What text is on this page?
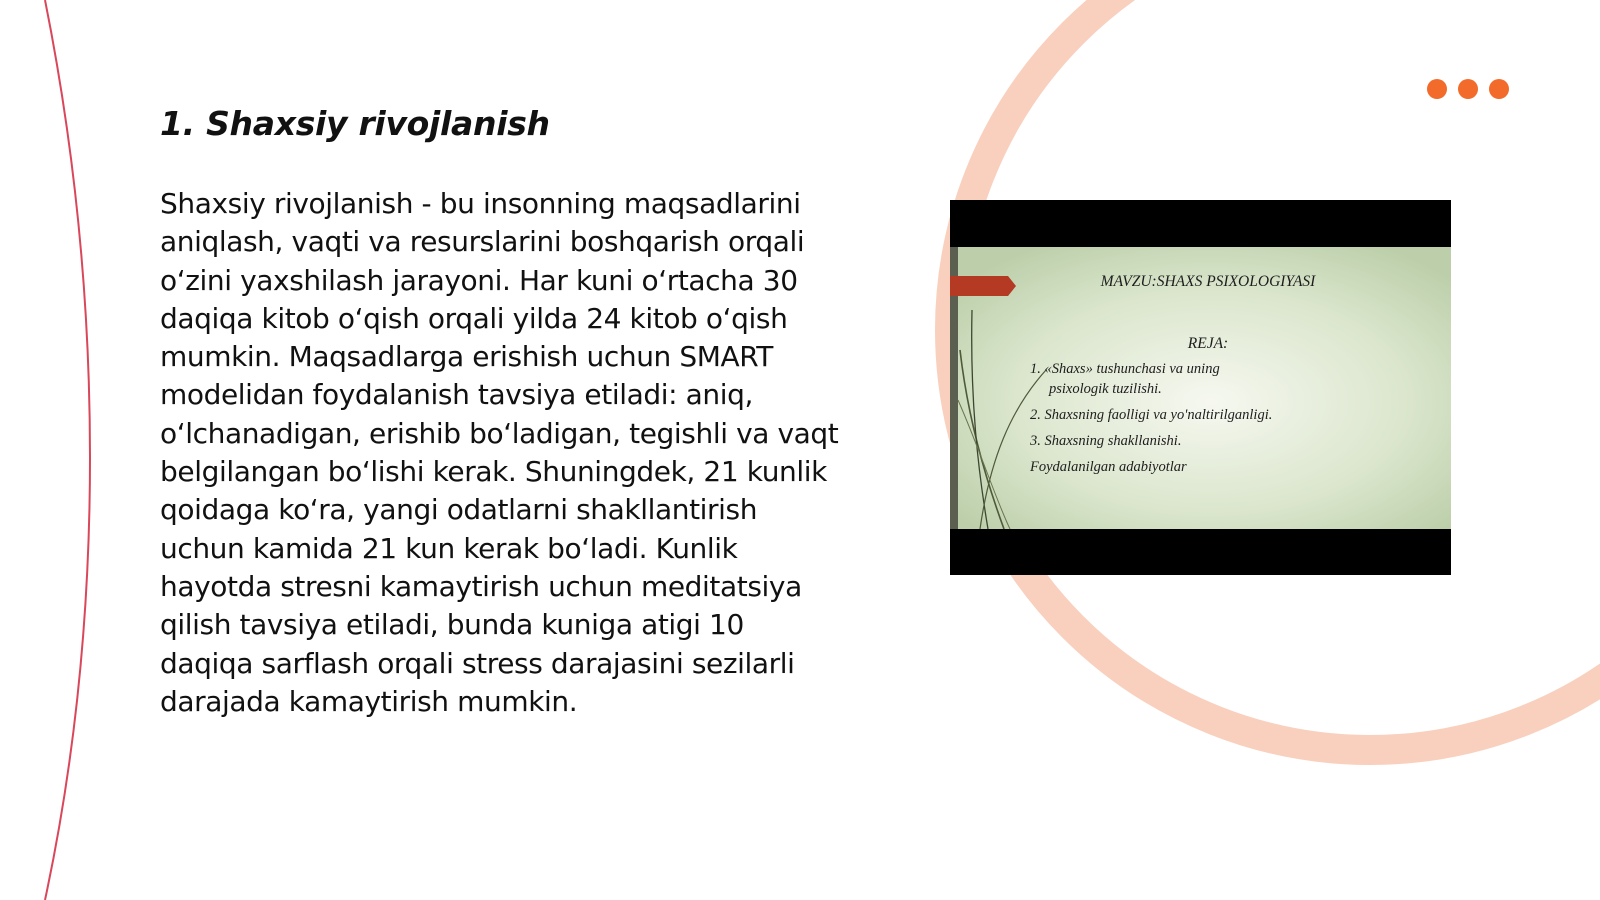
1. Shaxsiy rivojlanish

Shaxsiy rivojlanish - bu insonning maqsadlarini aniqlash, vaqti va resurslarini boshqarish orqali o‘zini yaxshilash jarayoni. Har kuni o‘rtacha 30 daqiqa kitob o‘qish orqali yilda 24 kitob o‘qish mumkin. Maqsadlarga erishish uchun SMART modelidan foydalanish tavsiya etiladi: aniq, o‘lchanadigan, erishib bo‘ladigan, tegishli va vaqt belgilangan bo‘lishi kerak. Shuningdek, 21 kunlik qoidaga ko‘ra, yangi odatlarni shakllantirish uchun kamida 21 kun kerak bo‘ladi. Kunlik hayotda stresni kamaytirish uchun meditatsiya qilish tavsiya etiladi, bunda kuniga atigi 10 daqiqa sarflash orqali stress darajasini sezilarli darajada kamaytirish mumkin.

MAVZU:SHAXS PSIXOLOGIYASI
REJA:
1. «Shaxs» tushunchasi va uning
psixologik tuzilishi.
2. Shaxsning faolligi va yo'naltirilganligi.
3. Shaxsning shakllanishi.
Foydalanilgan adabiyotlar
